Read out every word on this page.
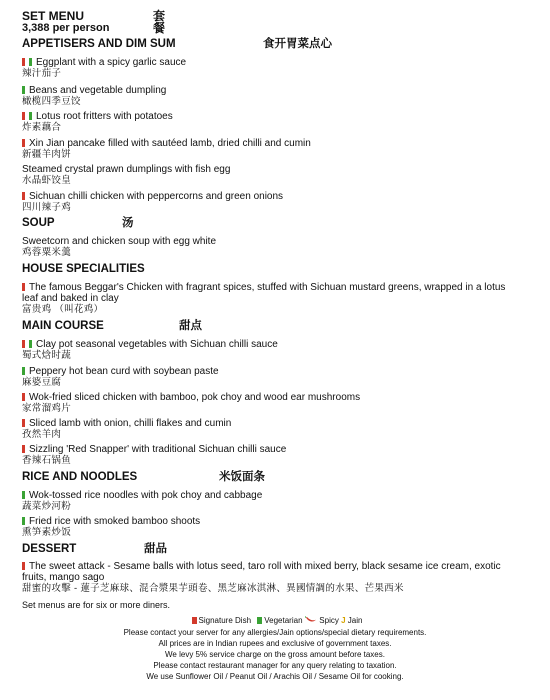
SET MENU	套餐
3,388 per person
APPETISERS AND DIM SUM	食开胃菜点心
Eggplant with a spicy garlic sauce
辣汁茄子
Beans and vegetable dumpling
橄榄四季豆饺
Lotus root fritters with potatoes
炸素藕合
Xin Jian pancake filled with sautéed lamb, dried chilli and cumin
新疆羊肉饼
Steamed crystal prawn dumplings with fish egg
水晶虾饺皇
Sichuan chilli chicken with peppercorns and green onions
四川辣子鸡
SOUP	汤
Sweetcorn and chicken soup with egg white
鸡蓉粟米羹
HOUSE SPECIALITIES
The famous Beggar's Chicken with fragrant spices, stuffed with Sichuan mustard greens, wrapped in a lotus leaf and baked in clay
富贵鸡 （叫花鸡）
MAIN COURSE	甜点
Clay pot seasonal vegetables with Sichuan chilli sauce
蜀式焓时蔬
Peppery hot bean curd with soybean paste
麻婆豆腐
Wok-fried sliced chicken with bamboo, pok choy and wood ear mushrooms
家常溜鸡片
Sliced lamb with onion, chilli flakes and cumin
孜然羊肉
Sizzling 'Red Snapper' with traditional Sichuan chilli sauce
香辣石锅鱼
RICE AND NOODLES	米饭面条
Wok-tossed rice noodles with pok choy and cabbage
蔬菜炒河粉
Fried rice with smoked bamboo shoots
熏笋素炒饭
DESSERT	甜品
The sweet attack - Sesame balls with lotus seed, taro roll with mixed berry, black sesame ice cream, exotic fruits, mango sago
甜蜜的攻擊 - 蓮子芝麻球、混合漿果芋頭卷、黑芝麻冰淇淋、異國情調的水果、芒果西米
Set menus are for six or more diners.
Signature Dish Vegetarian Spicy J Jain
Please contact your server for any allergies/Jain options/special dietary requirements.
All prices are in Indian rupees and exclusive of government taxes.
We levy 5% service charge on the gross amount before taxes.
Please contact restaurant manager for any query relating to taxation.
We use Sunflower Oil / Peanut Oil / Arachis Oil / Sesame Oil for cooking.
